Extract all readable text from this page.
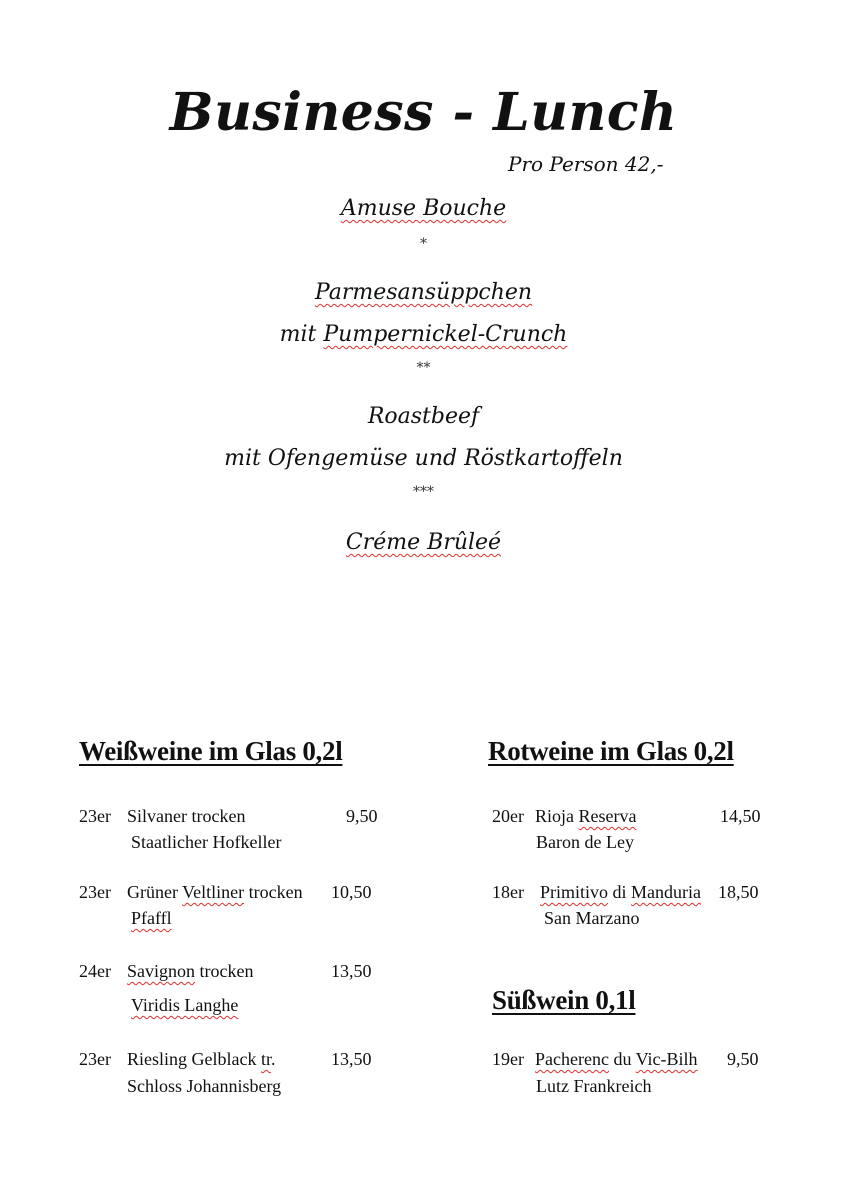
Business - Lunch
Pro Person 42,-
Amuse Bouche
*
Parmesansüppchen
mit Pumpernickel-Crunch
**
Roastbeef
mit Ofengemüse und Röstkartoffeln
***
Créme Brûleé
Weißweine im Glas 0,2l
23er Silvaner trocken	9,50
Staatlicher Hofkeller
23er Grüner Veltliner trocken 10,50
Pfaffl
24er Savignon trocken	13,50
Viridis Langhe
23er Riesling Gelblack tr.	13,50
Schloss Johannisberg
Rotweine im Glas 0,2l
20er Rioja Reserva	14,50
Baron de Ley
18er Primitivo di Manduria 18,50
San Marzano
Süßwein 0,1l
19er Pacherenc du Vic-Bilh 9,50
Lutz Frankreich
